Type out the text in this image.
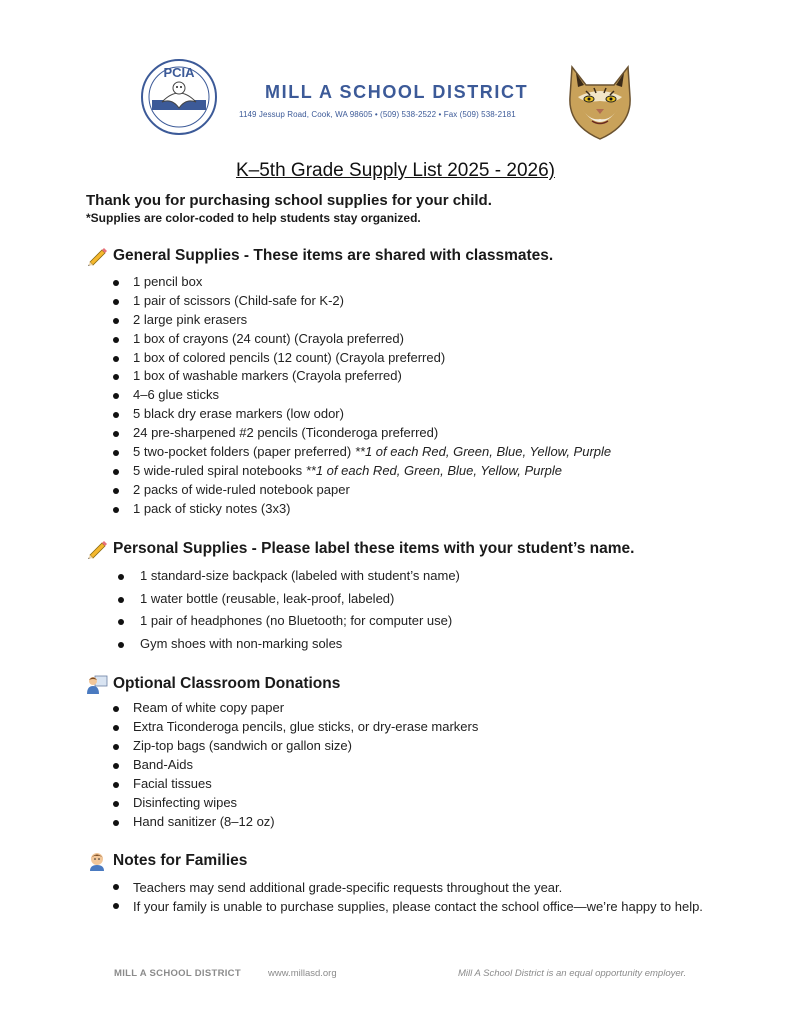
PCIA
MILL A SCHOOL DISTRICT
1149 Jessup Road, Cook, WA 98605 • (509) 538-2522 • Fax (509) 538-2181
K–5th Grade Supply List 2025 - 2026)
Thank you for purchasing school supplies for your child.
*Supplies are color-coded to help students stay organized.
General Supplies - These items are shared with classmates.
1 pencil box
1 pair of scissors (Child-safe for K-2)
2 large pink erasers
1 box of crayons (24 count) (Crayola preferred)
1 box of colored pencils (12 count) (Crayola preferred)
1 box of washable markers (Crayola preferred)
4–6 glue sticks
5 black dry erase markers (low odor)
24 pre-sharpened #2 pencils (Ticonderoga preferred)
5 two-pocket folders (paper preferred) **1 of each Red, Green, Blue, Yellow, Purple
5 wide-ruled spiral notebooks **1 of each Red, Green, Blue, Yellow, Purple
2 packs of wide-ruled notebook paper
1 pack of sticky notes (3x3)
Personal Supplies - Please label these items with your student’s name.
1 standard-size backpack (labeled with student’s name)
1 water bottle (reusable, leak-proof, labeled)
1 pair of headphones (no Bluetooth; for computer use)
Gym shoes with non-marking soles
Optional Classroom Donations
Ream of white copy paper
Extra Ticonderoga pencils, glue sticks, or dry-erase markers
Zip-top bags (sandwich or gallon size)
Band-Aids
Facial tissues
Disinfecting wipes
Hand sanitizer (8–12 oz)
Notes for Families
Teachers may send additional grade-specific requests throughout the year.
If your family is unable to purchase supplies, please contact the school office—we’re happy to help.
MILL A SCHOOL DISTRICT	www.millasd.org	Mill A School District is an equal opportunity employer.
